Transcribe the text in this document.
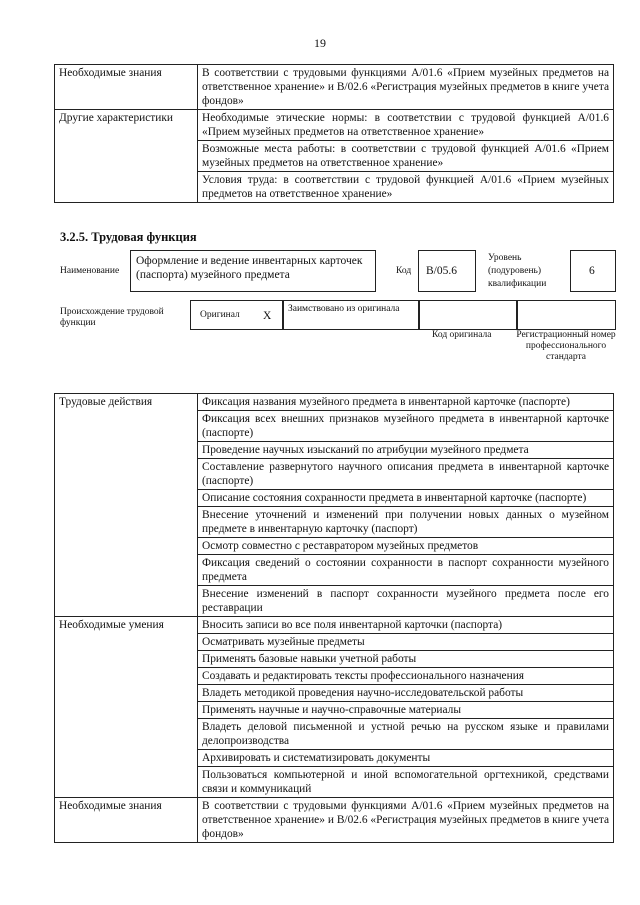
19
Необходимые знания	В соответствии с трудовыми функциями А/01.6 «Прием музейных предметов на ответственное хранение» и В/02.6 «Регистрация музейных предметов в книге учета фондов»
Другие характеристики	Необходимые этические нормы: в соответствии с трудовой функцией А/01.6 «Прием музейных предметов на ответственное хранение»
	Возможные места работы: в соответствии с трудовой функцией А/01.6 «Прием музейных предметов на ответственное хранение»
	Условия труда: в соответствии с трудовой функцией А/01.6 «Прием музейных предметов на ответственное хранение»
3.2.5. Трудовая функция
Наименование
Оформление и ведение инвентарных карточек (паспорта) музейного предмета	Код В/05.6
Уровень (подуровень) квалификации
6
Происхождение трудовой функции
Оригинал X
Заимствовано из оригинала
Код оригинала	Регистрационный номер профессионального стандарта
Трудовые действия	Фиксация названия музейного предмета в инвентарной карточке (паспорте)
	Фиксация всех внешних признаков музейного предмета в инвентарной карточке (паспорте)
	Проведение научных изысканий по атрибуции музейного предмета
	Составление развернутого научного описания предмета в инвентарной карточке (паспорте)
	Описание состояния сохранности предмета в инвентарной карточке (паспорте)
	Внесение уточнений и изменений при получении новых данных о музейном предмете в инвентарную карточку (паспорт)
	Осмотр совместно с реставратором музейных предметов
	Фиксация сведений о состоянии сохранности в паспорт сохранности музейного предмета
	Внесение изменений в паспорт сохранности музейного предмета после его реставрации
Необходимые умения	Вносить записи во все поля инвентарной карточки (паспорта)
	Осматривать музейные предметы
	Применять базовые навыки учетной работы
	Создавать и редактировать тексты профессионального назначения
	Владеть методикой проведения научно-исследовательской работы
	Применять научные и научно-справочные материалы
	Владеть деловой письменной и устной речью на русском языке и правилами делопроизводства
	Архивировать и систематизировать документы
	Пользоваться компьютерной и иной вспомогательной оргтехникой, средствами связи и коммуникаций
Необходимые знания	В соответствии с трудовыми функциями А/01.6 «Прием музейных предметов на ответственное хранение» и В/02.6 «Регистрация музейных предметов в книге учета фондов»
